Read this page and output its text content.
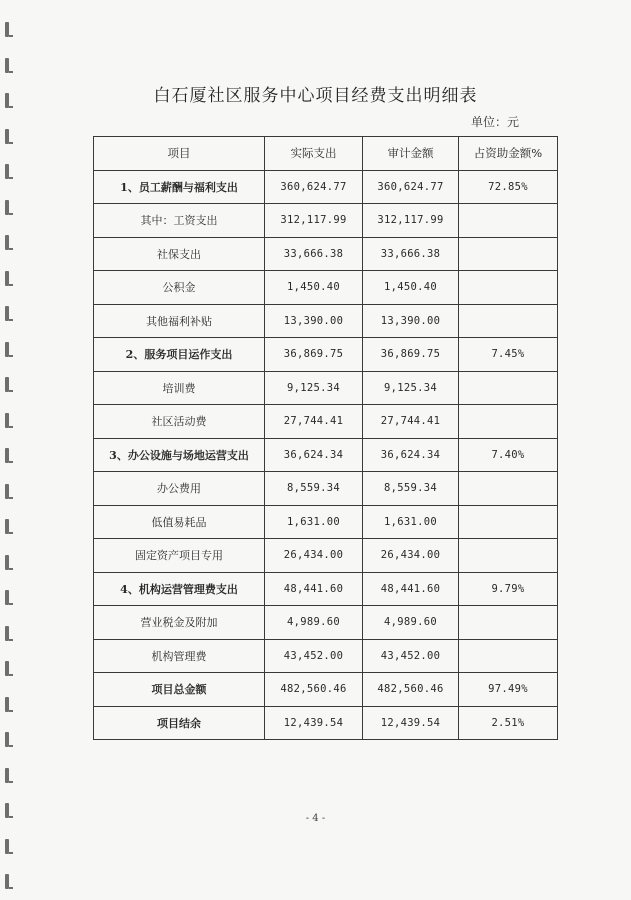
白石厦社区服务中心项目经费支出明细表
单位：元
项目	实际支出	审计金额	占资助金额%
1、员工薪酬与福利支出	360,624.77	360,624.77	72.85%
其中：工资支出	312,117.99	312,117.99	
社保支出	33,666.38	33,666.38	
公积金	1,450.40	1,450.40	
其他福利补贴	13,390.00	13,390.00	
2、服务项目运作支出	36,869.75	36,869.75	7.45%
培训费	9,125.34	9,125.34	
社区活动费	27,744.41	27,744.41	
3、办公设施与场地运营支出	36,624.34	36,624.34	7.40%
办公费用	8,559.34	8,559.34	
低值易耗品	1,631.00	1,631.00	
固定资产项目专用	26,434.00	26,434.00	
4、机构运营管理费支出	48,441.60	48,441.60	9.79%
营业税金及附加	4,989.60	4,989.60	
机构管理费	43,452.00	43,452.00	
项目总金额	482,560.46	482,560.46	97.49%
项目结余	12,439.54	12,439.54	2.51%
- 4 -
